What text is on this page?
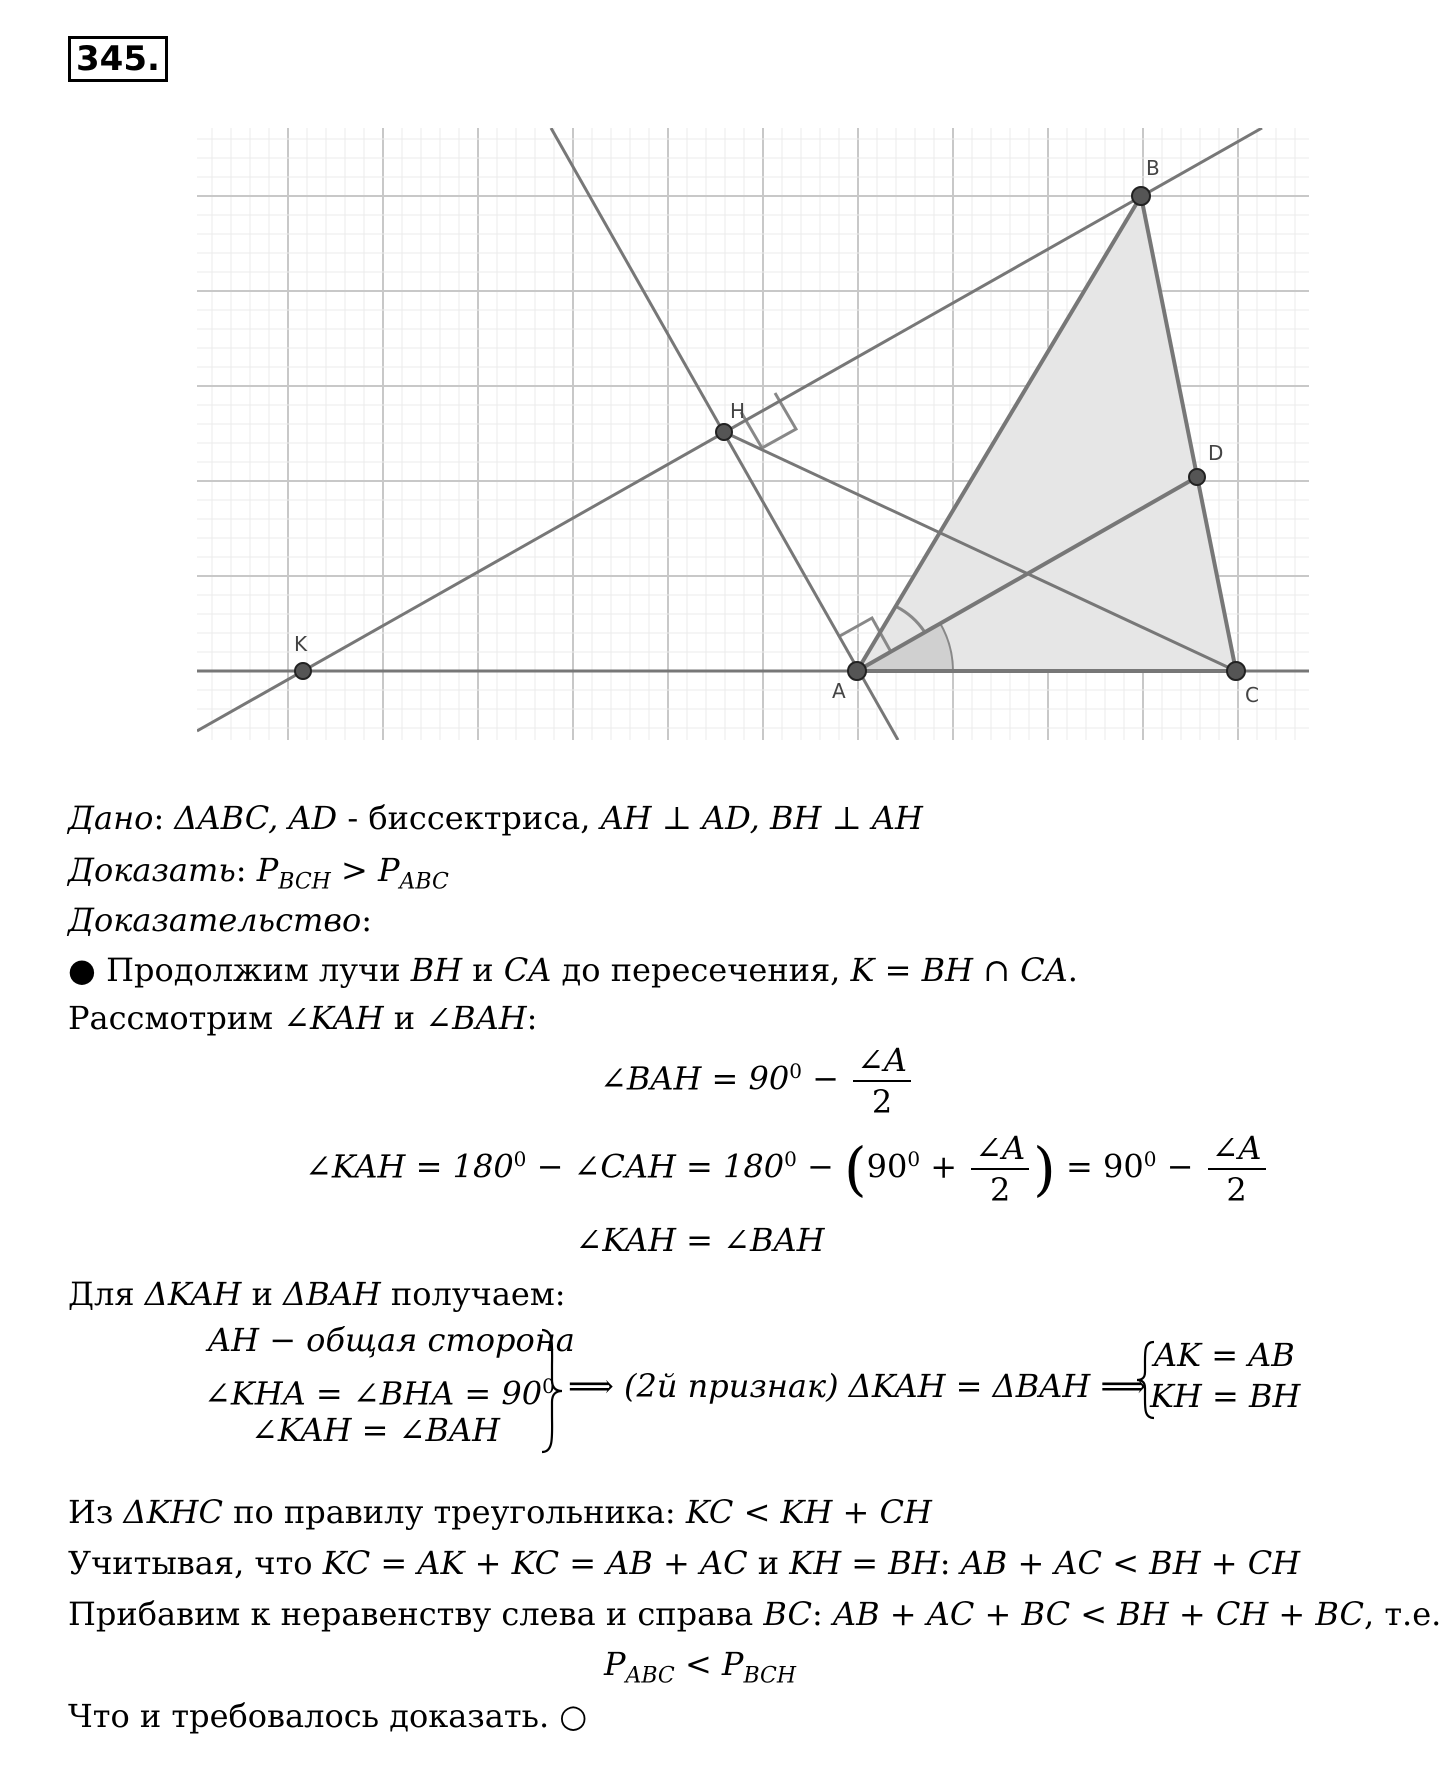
345.
B
H
D
K
A	C
Дано: ΔABC, AD - биссектриса, AH ⊥ AD, BH ⊥ AH
Доказать: $P_{BCH} > P_{ABC}$
Доказательство:
● Продолжим лучи BH и CA до пересечения, K = BH ∩ CA.
Рассмотрим ∠KAH и ∠BAH:
∠BAH = $90^0 - \frac{\angle A}{2}$
∠KAH = $180^0$ − ∠CAH = $180^0 - (90^0 + \frac{\angle A}{2}$ ) = $90^0 - \frac{\angle A}{2}$
∠KAH = ∠BAH
Для ΔKAH и ΔBAH получаем:
AH − общая сторона
∠KHA = ∠BHA = $90^0$
∠KAH = ∠BAH
⟹ (2й признак) ΔKAH = ΔBAH ⟹
AK = AB
KH = BH
Из ΔKHC по правилу треугольника: KC < KH + CH
Учитывая, что KC = AK + KC = AB + AC и KH = BH: AB + AC < BH + CH
Прибавим к неравенству слева и справа BC: AB + AC + BC < BH + CH + BC, т.е.
$P_{ABC} < P_{BCH}$
Что и требовалось доказать. ○
